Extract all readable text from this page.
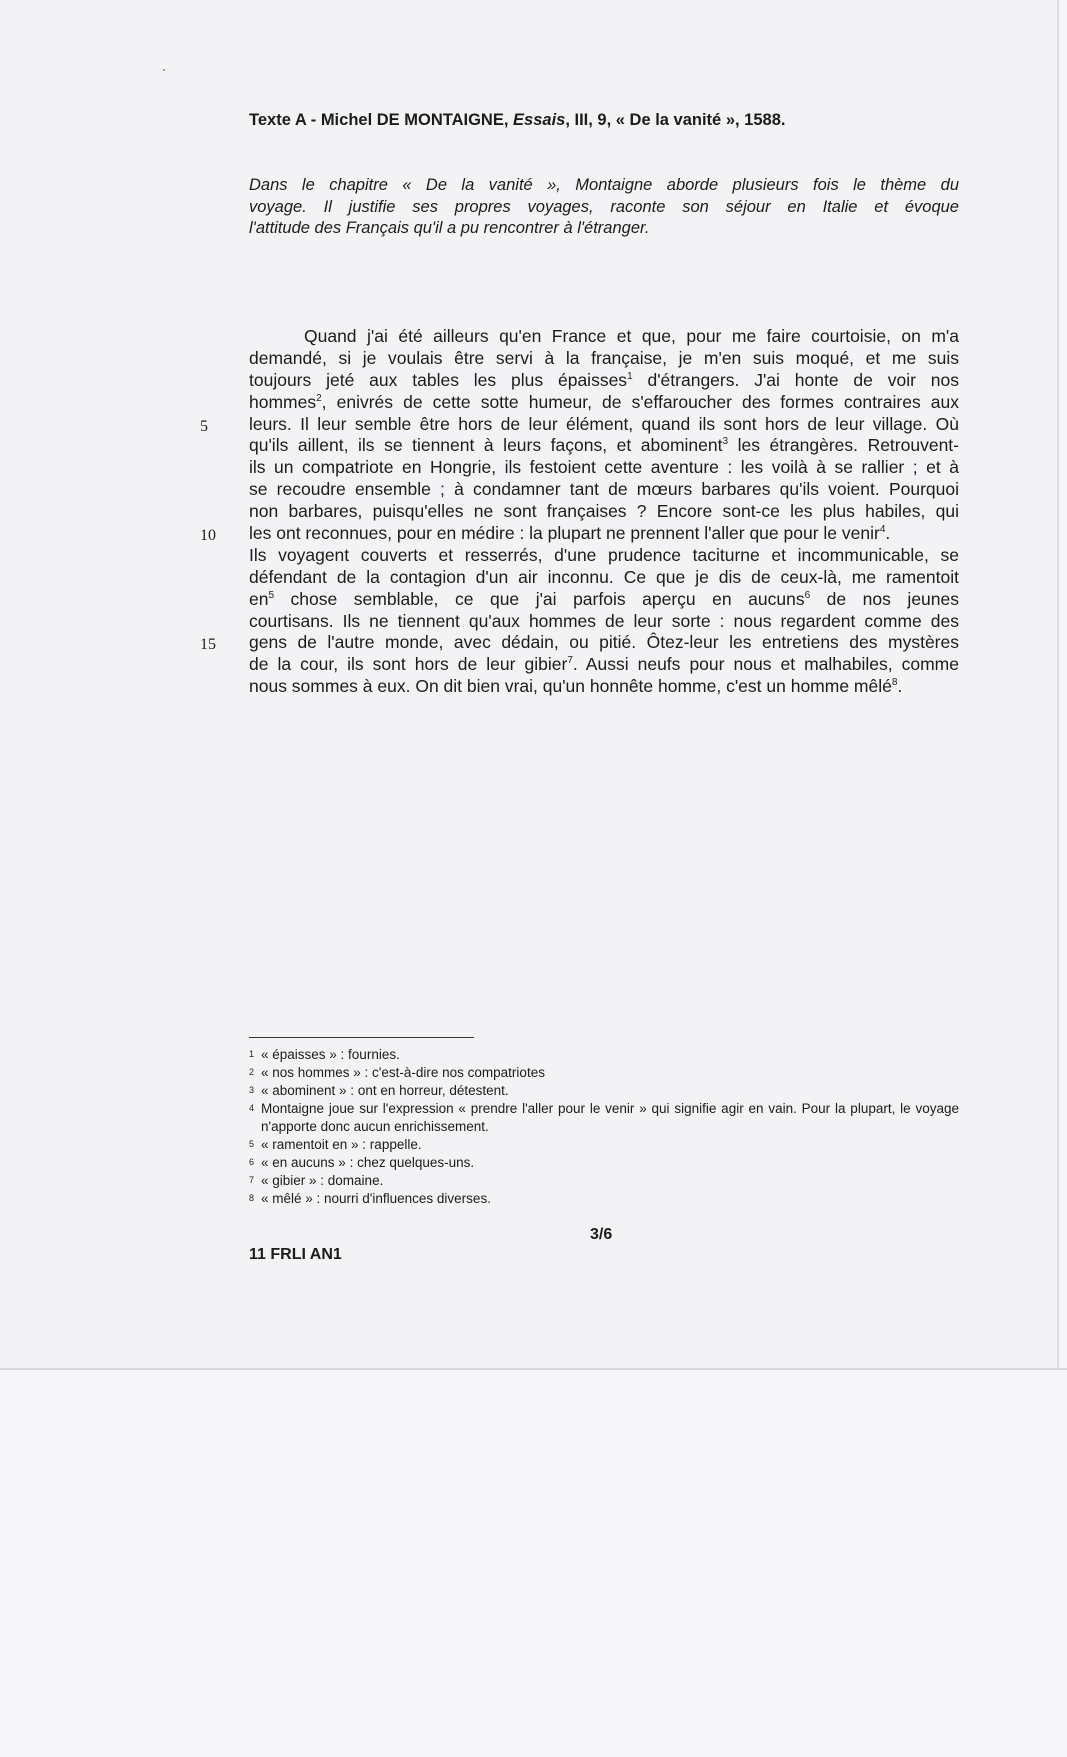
Texte A - Michel DE MONTAIGNE, Essais, III, 9, « De la vanité », 1588.
Dans le chapitre « De la vanité », Montaigne aborde plusieurs fois le thème du
voyage. Il justifie ses propres voyages, raconte son séjour en Italie et évoque
l'attitude des Français qu'il a pu rencontrer à l'étranger.
Quand j'ai été ailleurs qu'en France et que, pour me faire courtoisie, on m'a
demandé, si je voulais être servi à la française, je m'en suis moqué, et me suis
toujours jeté aux tables les plus épaisses$^1$ d'étrangers. J'ai honte de voir nos
hommes$^2$, enivrés de cette sotte humeur, de s'effaroucher des formes contraires aux
leurs. Il leur semble être hors de leur élément, quand ils sont hors de leur village. Où
qu'ils aillent, ils se tiennent à leurs façons, et abominent$^3$ les étrangères. Retrouvent-
ils un compatriote en Hongrie, ils festoient cette aventure : les voilà à se rallier ; et à
se recoudre ensemble ; à condamner tant de mœurs barbares qu'ils voient. Pourquoi
non barbares, puisqu'elles ne sont françaises ? Encore sont-ce les plus habiles, qui
les ont reconnues, pour en médire : la plupart ne prennent l'aller que pour le venir$^4$.
Ils voyagent couverts et resserrés, d'une prudence taciturne et incommunicable, se
défendant de la contagion d'un air inconnu. Ce que je dis de ceux-là, me ramentoit
$en^5$ chose semblable, ce que j'ai parfois aperçu en aucuns$^6$ de nos jeunes
courtisans. Ils ne tiennent qu'aux hommes de leur sorte : nous regardent comme des
gens de l'autre monde, avec dédain, ou pitié. Ôtez-leur les entretiens des mystères
de la cour, ils sont hors de leur gibier$^7$. Aussi neufs pour nous et malhabiles, comme
nous sommes à eux. On dit bien vrai, qu'un honnête homme, c'est un homme mêlé$^8$.
5
10
15
1 « épaisses » : fournies.
2 « nos hommes » : c'est-à-dire nos compatriotes
3 « abominent » : ont en horreur, détestent.
4 Montaigne joue sur l'expression « prendre l'aller pour le venir » qui signifie agir en vain. Pour la plupart, le voyage n'apporte donc aucun enrichissement.
5 « ramentoit en » : rappelle.
6 « en aucuns » : chez quelques-uns.
7 « gibier » : domaine.
8 « mêlé » : nourri d'influences diverses.
3/6
11 FRLI AN1
